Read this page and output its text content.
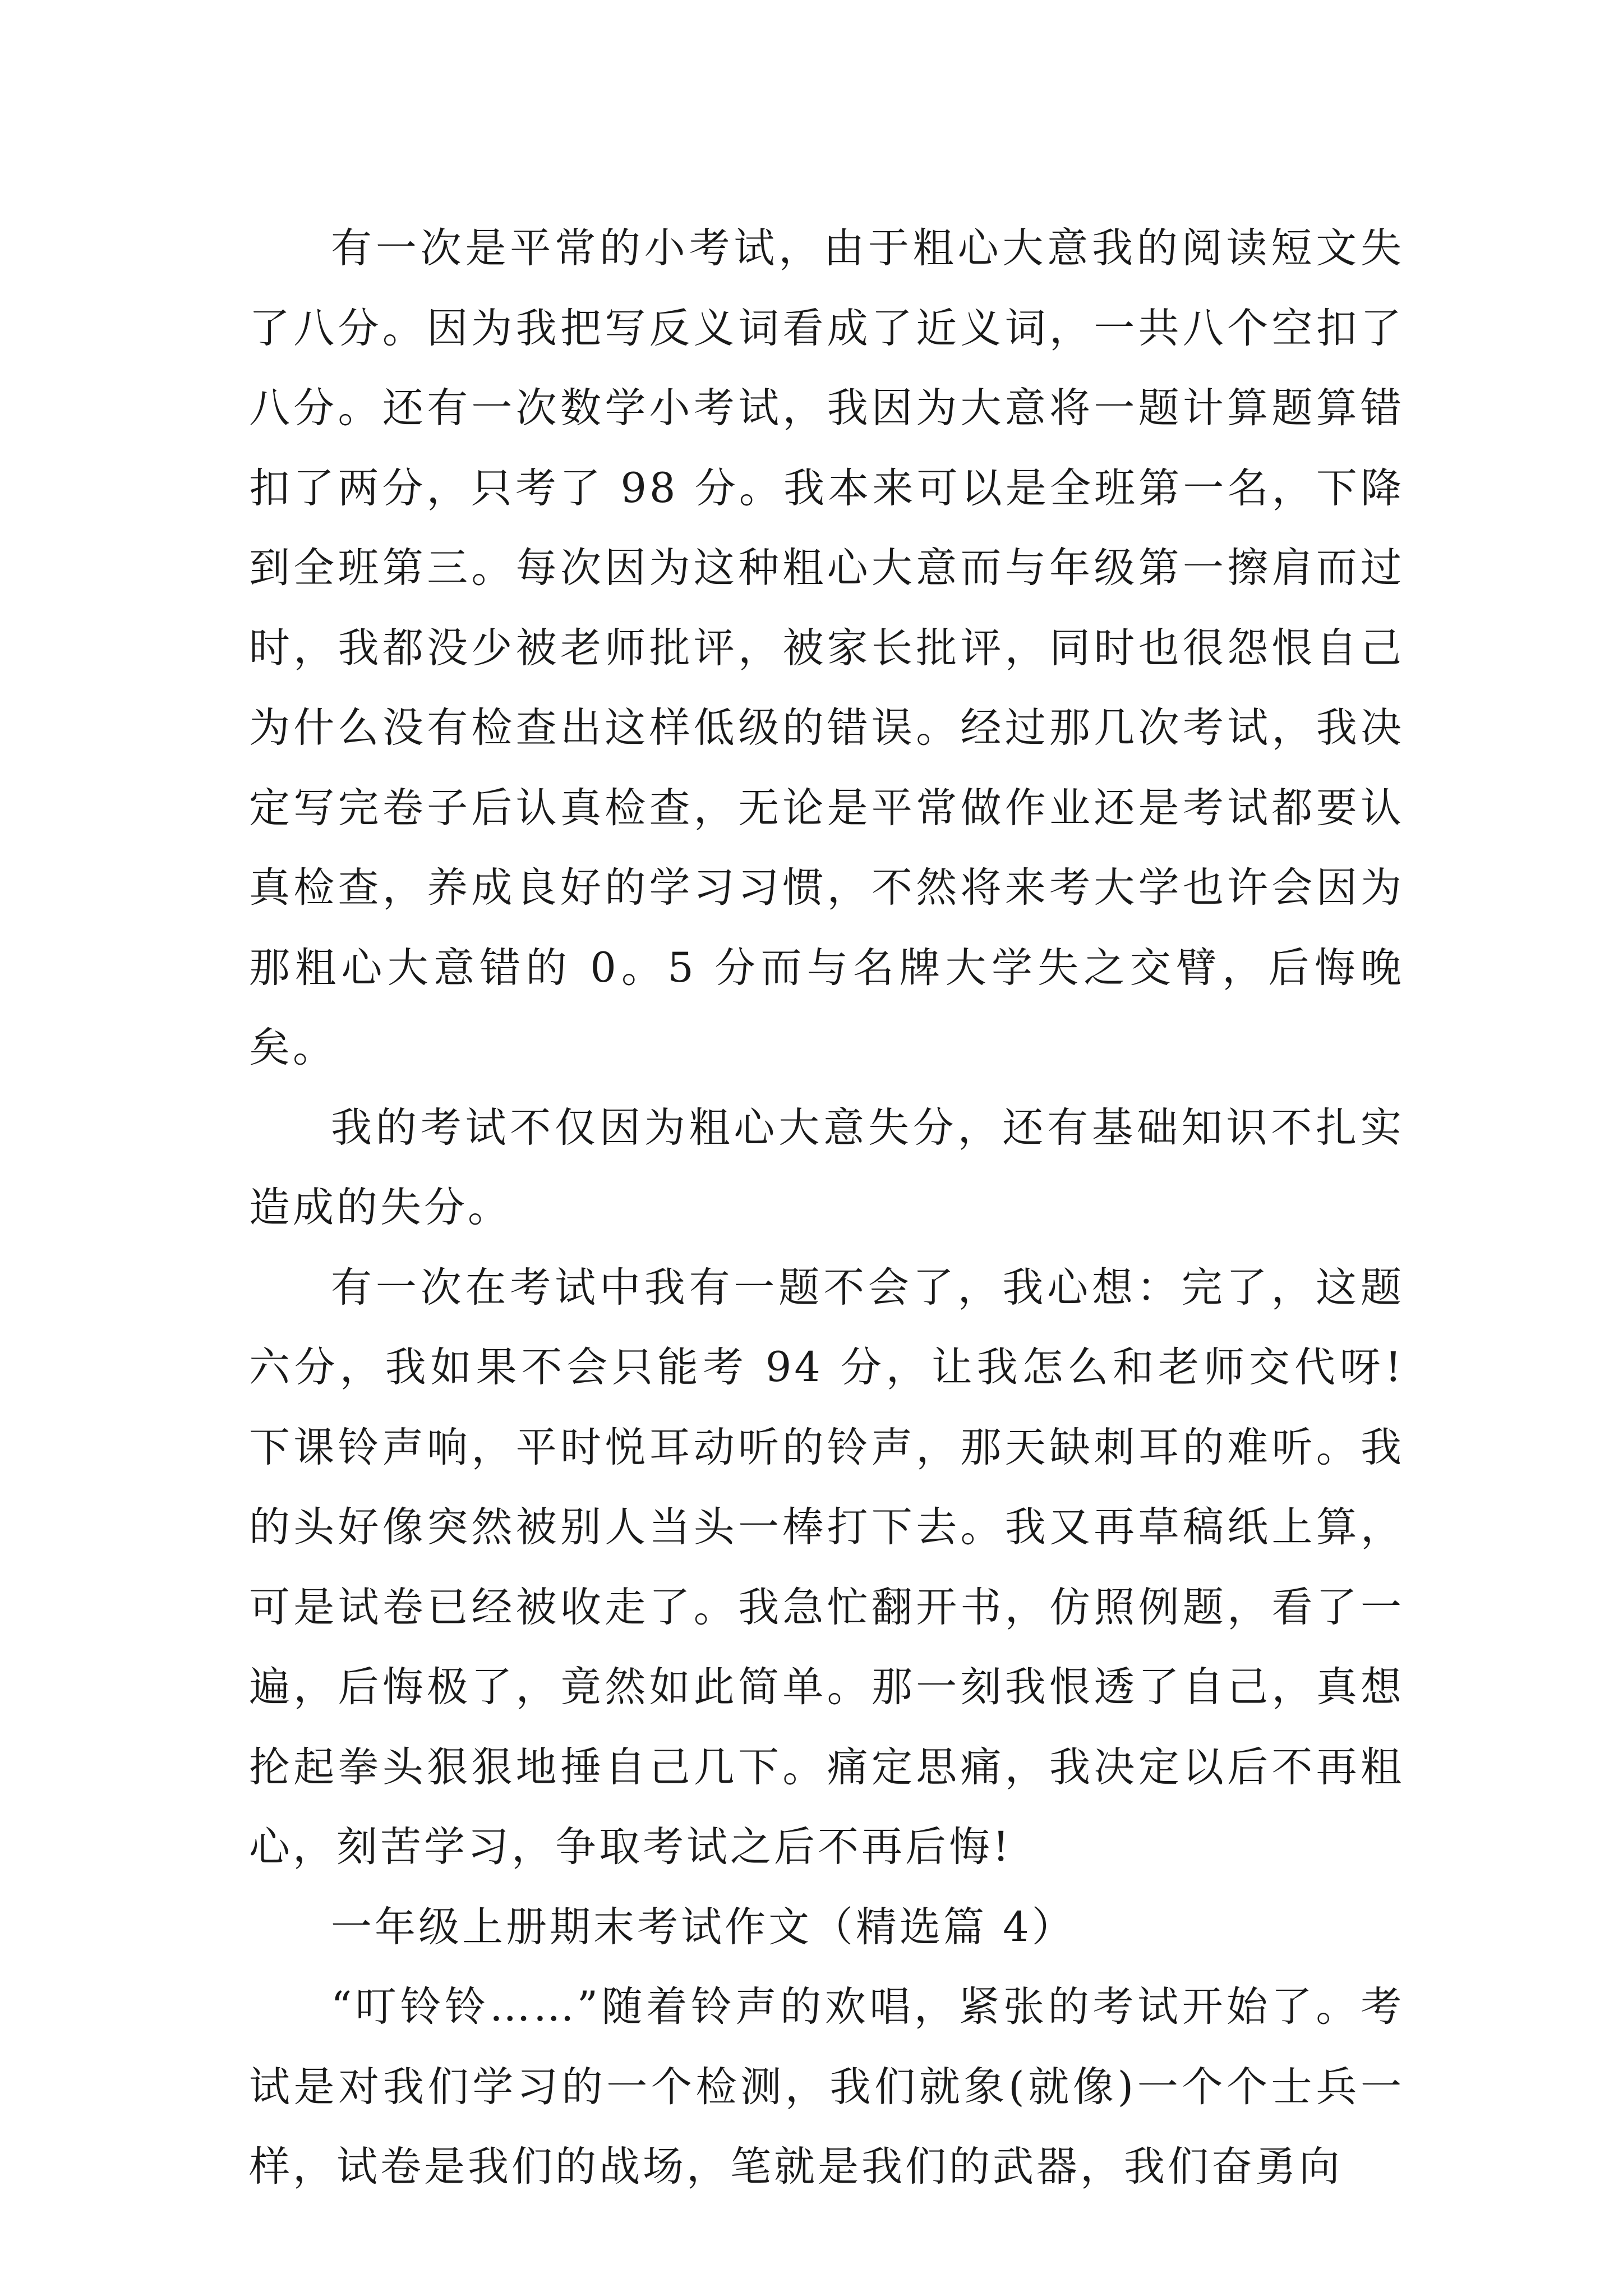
有一次是平常的小考试，由于粗心大意我的阅读短文失了八分。因为我把写反义词看成了近义词，一共八个空扣了八分。还有一次数学小考试，我因为大意将一题计算题算错扣了两分，只考了 98 分。我本来可以是全班第一名，下降到全班第三。每次因为这种粗心大意而与年级第一擦肩而过时，我都没少被老师批评，被家长批评，同时也很怨恨自己为什么没有检查出这样低级的错误。经过那几次考试，我决定写完卷子后认真检查，无论是平常做作业还是考试都要认真检查，养成良好的学习习惯，不然将来考大学也许会因为那粗心大意错的 0。5 分而与名牌大学失之交臂，后悔晚矣。

我的考试不仅因为粗心大意失分，还有基础知识不扎实造成的失分。

有一次在考试中我有一题不会了，我心想：完了，这题六分，我如果不会只能考 94 分，让我怎么和老师交代呀!下课铃声响，平时悦耳动听的铃声，那天缺刺耳的难听。我的头好像突然被别人当头一棒打下去。我又再草稿纸上算，可是试卷已经被收走了。我急忙翻开书，仿照例题，看了一遍，后悔极了，竟然如此简单。那一刻我恨透了自己，真想抡起拳头狠狠地捶自己几下。痛定思痛，我决定以后不再粗心，刻苦学习，争取考试之后不再后悔!

一年级上册期末考试作文（精选篇 4）

“叮铃铃……”随着铃声的欢唱，紧张的考试开始了。考试是对我们学习的一个检测，我们就象(就像)一个个士兵一样，试卷是我们的战场，笔就是我们的武器，我们奋勇向
